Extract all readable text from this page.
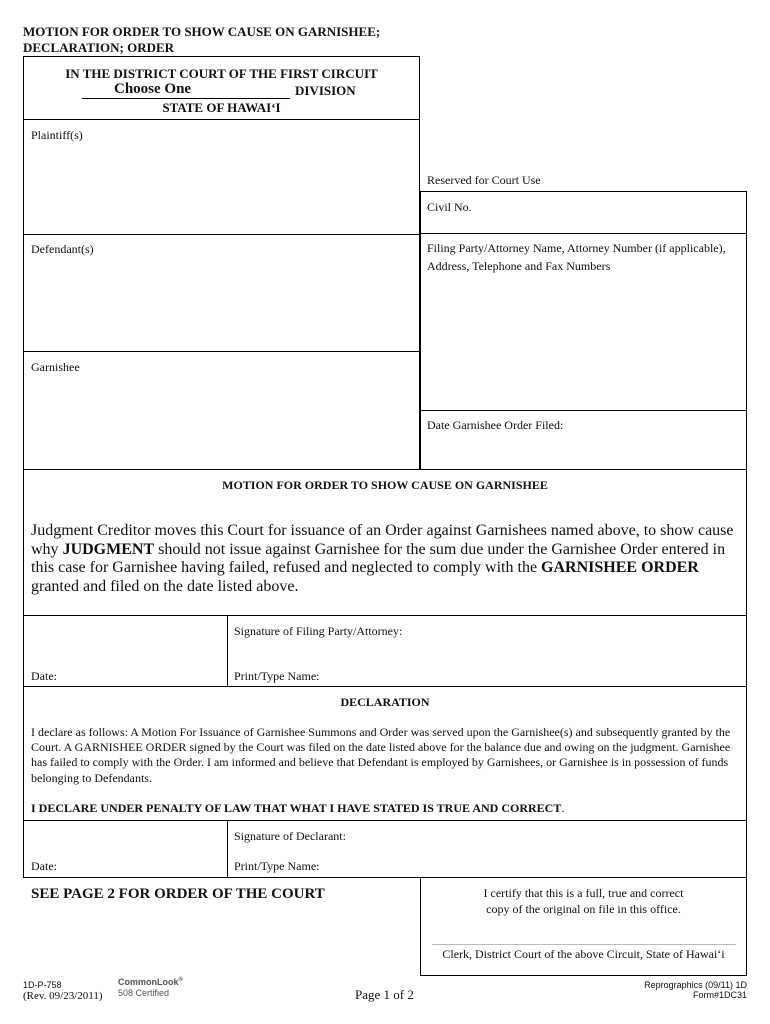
MOTION FOR ORDER TO SHOW CAUSE ON GARNISHEE;
DECLARATION; ORDER
IN THE DISTRICT COURT OF THE FIRST CIRCUIT
Choose One	DIVISION
STATE OF HAWAI‘I
Plaintiff(s)
Defendant(s)
Garnishee
Reserved for Court Use
Civil No.
Filing Party/Attorney Name, Attorney Number (if applicable),
Address, Telephone and Fax Numbers
Date Garnishee Order Filed:
MOTION FOR ORDER TO SHOW CAUSE ON GARNISHEE
Judgment Creditor moves this Court for issuance of an Order against Garnishees named above, to show cause why JUDGMENT should not issue against Garnishee for the sum due under the Garnishee Order entered in this case for Garnishee having failed, refused and neglected to comply with the GARNISHEE ORDER granted and filed on the date listed above.
Date:
Signature of Filing Party/Attorney:
Print/Type Name:
DECLARATION
I declare as follows: A Motion For Issuance of Garnishee Summons and Order was served upon the Garnishee(s) and subsequently granted by the Court. A GARNISHEE ORDER signed by the Court was filed on the date listed above for the balance due and owing on the judgment. Garnishee has failed to comply with the Order. I am informed and believe that Defendant is employed by Garnishees, or Garnishee is in possession of funds belonging to Defendants.
I DECLARE UNDER PENALTY OF LAW THAT WHAT I HAVE STATED IS TRUE AND CORRECT.
Date:
Signature of Declarant:
Print/Type Name:
SEE PAGE 2 FOR ORDER OF THE COURT	I certify that this is a full, true and correct
copy of the original on file in this office.
Clerk, District Court of the above Circuit, State of Hawai‘i
1D-P-758
(Rev. 09/23/2011)
CommonLook®
508 Certified	Page 1 of 2
Reprographics (09/11) 1D
Form#1DC31
